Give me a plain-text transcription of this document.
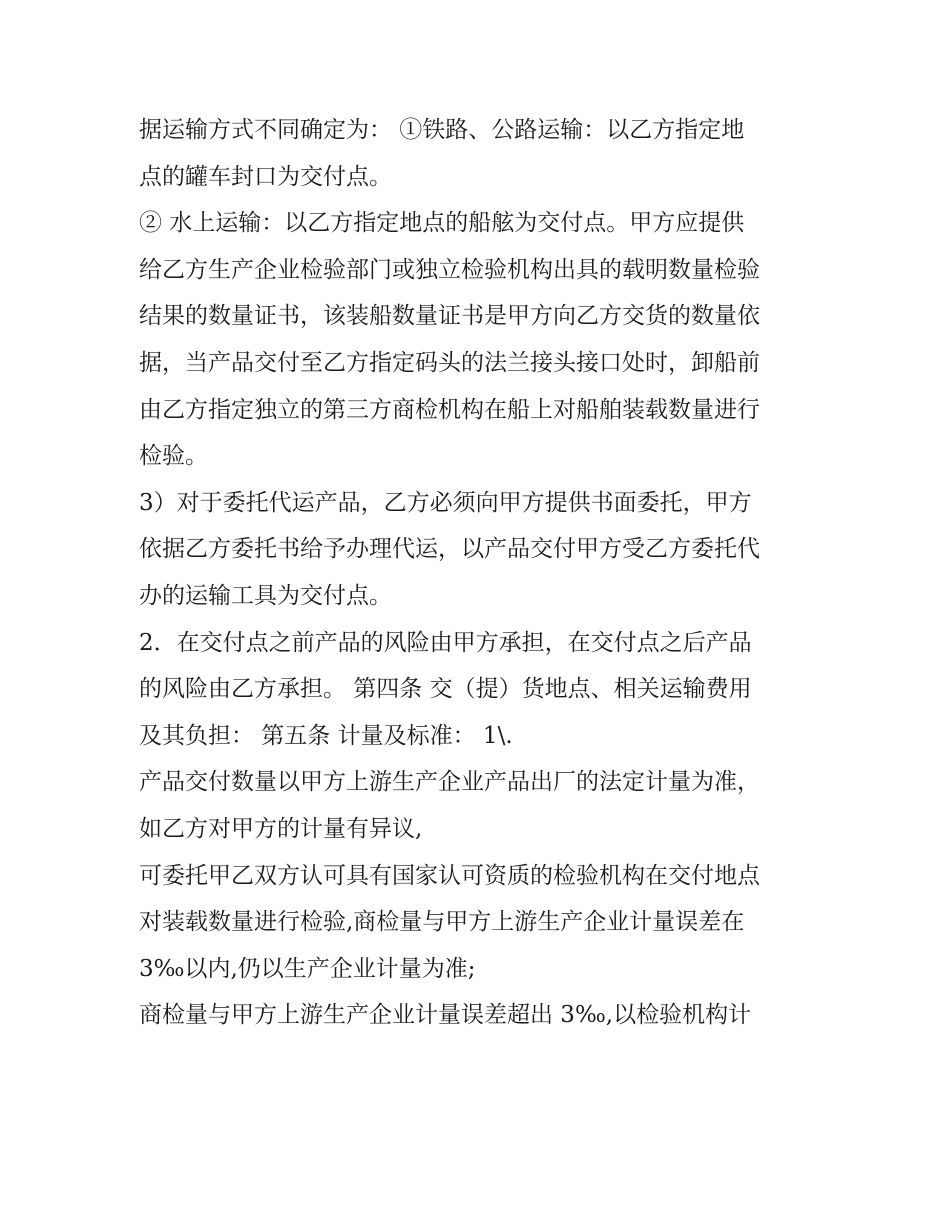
据运输方式不同确定为： ①铁路、公路运输：以乙方指定地
点的罐车封口为交付点。
② 水上运输：以乙方指定地点的船舷为交付点。甲方应提供
给乙方生产企业检验部门或独立检验机构出具的载明数量检验
结果的数量证书，该装船数量证书是甲方向乙方交货的数量依
据，当产品交付至乙方指定码头的法兰接头接口处时，卸船前
由乙方指定独立的第三方商检机构在船上对船舶装载数量进行
检验。
3）对于委托代运产品，乙方必须向甲方提供书面委托，甲方
依据乙方委托书给予办理代运，以产品交付甲方受乙方委托代
办的运输工具为交付点。
2．在交付点之前产品的风险由甲方承担，在交付点之后产品
的风险由乙方承担。 第四条 交（提）货地点、相关运输费用
及其负担： 第五条 计量及标准： 1\.
产品交付数量以甲方上游生产企业产品出厂的法定计量为准，
如乙方对甲方的计量有异议,
可委托甲乙双方认可具有国家认可资质的检验机构在交付地点
对装载数量进行检验,商检量与甲方上游生产企业计量误差在
3‰以内,仍以生产企业计量为准;
商检量与甲方上游生产企业计量误差超出 3‰,以检验机构计
